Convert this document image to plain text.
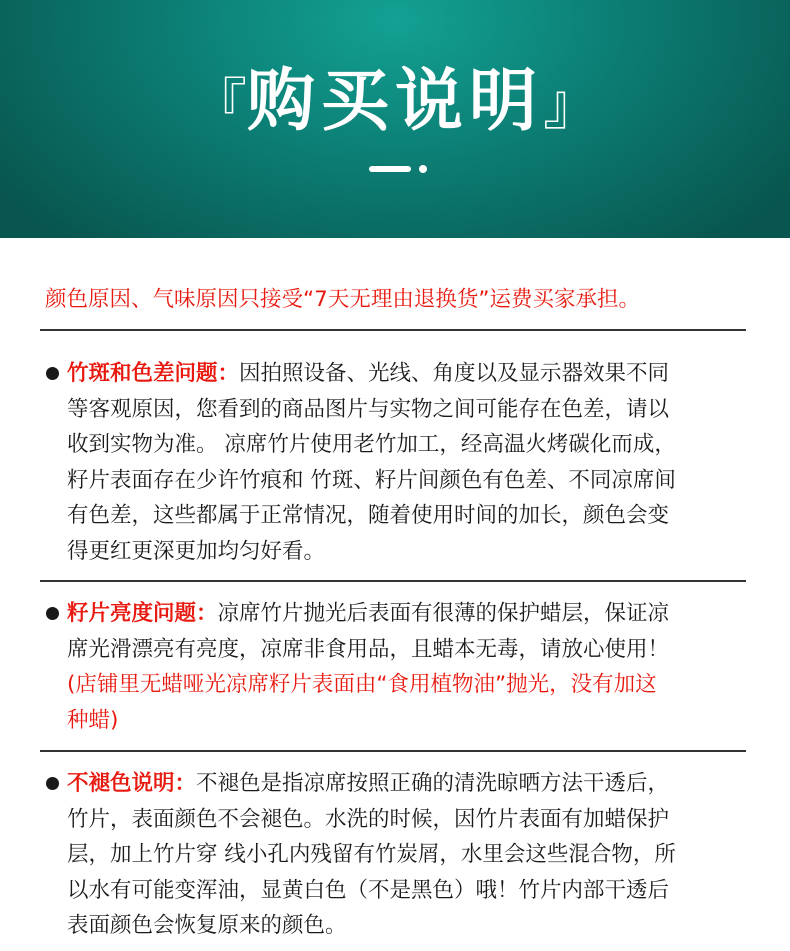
『购买说明』
颜色原因、气味原因只接受“7天无理由退换货”运费买家承担。
竹斑和色差问题：因拍照设备、光线、角度以及显示器效果不同
等客观原因，您看到的商品图片与实物之间可能存在色差，请以
收到实物为准。 凉席竹片使用老竹加工，经高温火烤碳化而成，
籽片表面存在少许竹痕和 竹斑、籽片间颜色有色差、不同凉席间
有色差，这些都属于正常情况，随着使用时间的加长，颜色会变
得更红更深更加均匀好看。
籽片亮度问题：凉席竹片抛光后表面有很薄的保护蜡层，保证凉
席光滑漂亮有亮度，凉席非食用品，且蜡本无毒，请放心使用！
(店铺里无蜡哑光凉席籽片表面由“食用植物油”抛光，没有加这
种蜡)
不褪色说明：不褪色是指凉席按照正确的清洗晾晒方法干透后，
竹片，表面颜色不会褪色。水洗的时候，因竹片表面有加蜡保护
层，加上竹片穿 线小孔内残留有竹炭屑，水里会这些混合物，所
以水有可能变浑油，显黄白色（不是黑色）哦！竹片内部干透后
表面颜色会恢复原来的颜色。
